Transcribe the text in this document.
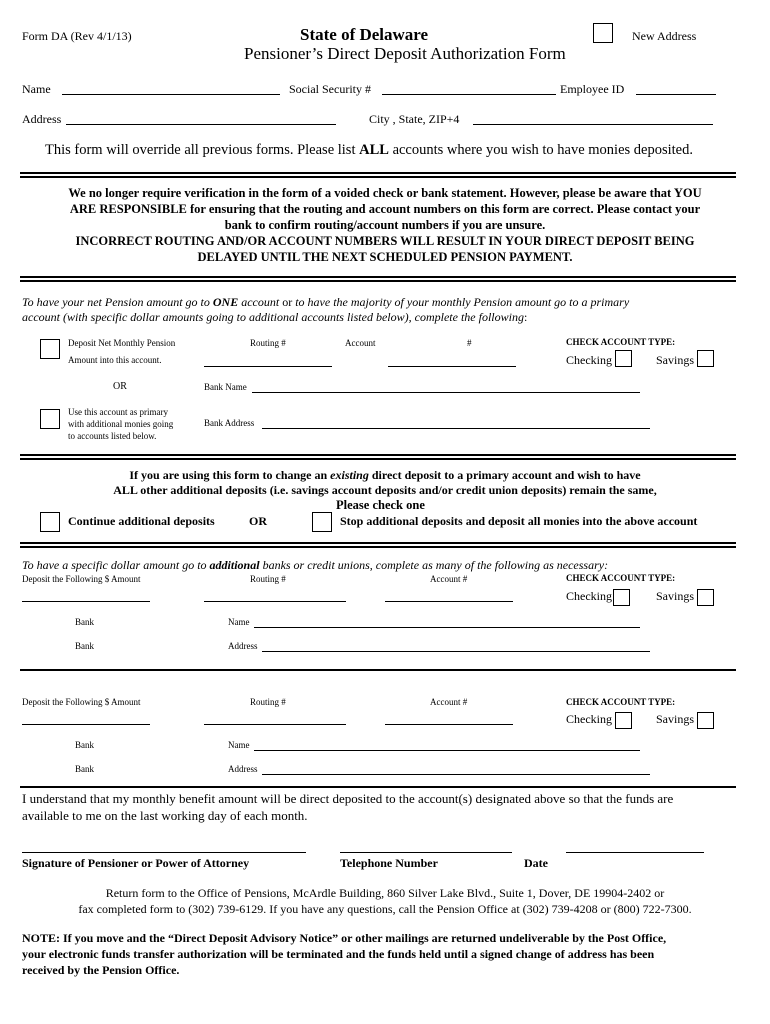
Form DA (Rev 4/1/13)	State of Delaware
Pensioner’s Direct Deposit Authorization Form
New Address
Name	Social Security #	Employee ID
Address	City , State, ZIP+4
This form will override all previous forms. Please list ALL accounts where you wish to have monies deposited.
We no longer require verification in the form of a voided check or bank statement. However, please be aware that YOU
ARE RESPONSIBLE for ensuring that the routing and account numbers on this form are correct. Please contact your
bank to confirm routing/account numbers if you are unsure.
INCORRECT ROUTING AND/OR ACCOUNT NUMBERS WILL RESULT IN YOUR DIRECT DEPOSIT BEING
DELAYED UNTIL THE NEXT SCHEDULED PENSION PAYMENT.
To have your net Pension amount go to ONE account or to have the majority of your monthly Pension amount go to a primary
account (with specific dollar amounts going to additional accounts listed below), complete the following:
Deposit Net Monthly Pension
Amount into this account.
Routing #	Account	#	CHECK ACCOUNT TYPE:
Checking	Savings
OR	Bank Name
Use this account as primary
with additional monies going
to accounts listed below.
Bank Address
If you are using this form to change an existing direct deposit to a primary account and wish to have
ALL other additional deposits (i.e. savings account deposits and/or credit union deposits) remain the same,
Please check one
Continue additional deposits	OR	Stop additional deposits and deposit all monies into the above account
To have a specific dollar amount go to additional banks or credit unions, complete as many of the following as necessary:
Deposit the Following $ Amount	Routing #	Account #	CHECK ACCOUNT TYPE:
Checking	Savings
Bank	Name
Bank	Address
Deposit the Following $ Amount	Routing #	Account #	CHECK ACCOUNT TYPE:
Checking	Savings
Bank	Name
Bank	Address
I understand that my monthly benefit amount will be direct deposited to the account(s) designated above so that the funds are
available to me on the last working day of each month.
Signature of Pensioner or Power of Attorney	Telephone Number	Date
Return form to the Office of Pensions, McArdle Building, 860 Silver Lake Blvd., Suite 1, Dover, DE 19904-2402 or
fax completed form to (302) 739-6129. If you have any questions, call the Pension Office at (302) 739-4208 or (800) 722-7300.
NOTE: If you move and the “Direct Deposit Advisory Notice” or other mailings are returned undeliverable by the Post Office,
your electronic funds transfer authorization will be terminated and the funds held until a signed change of address has been
received by the Pension Office.
